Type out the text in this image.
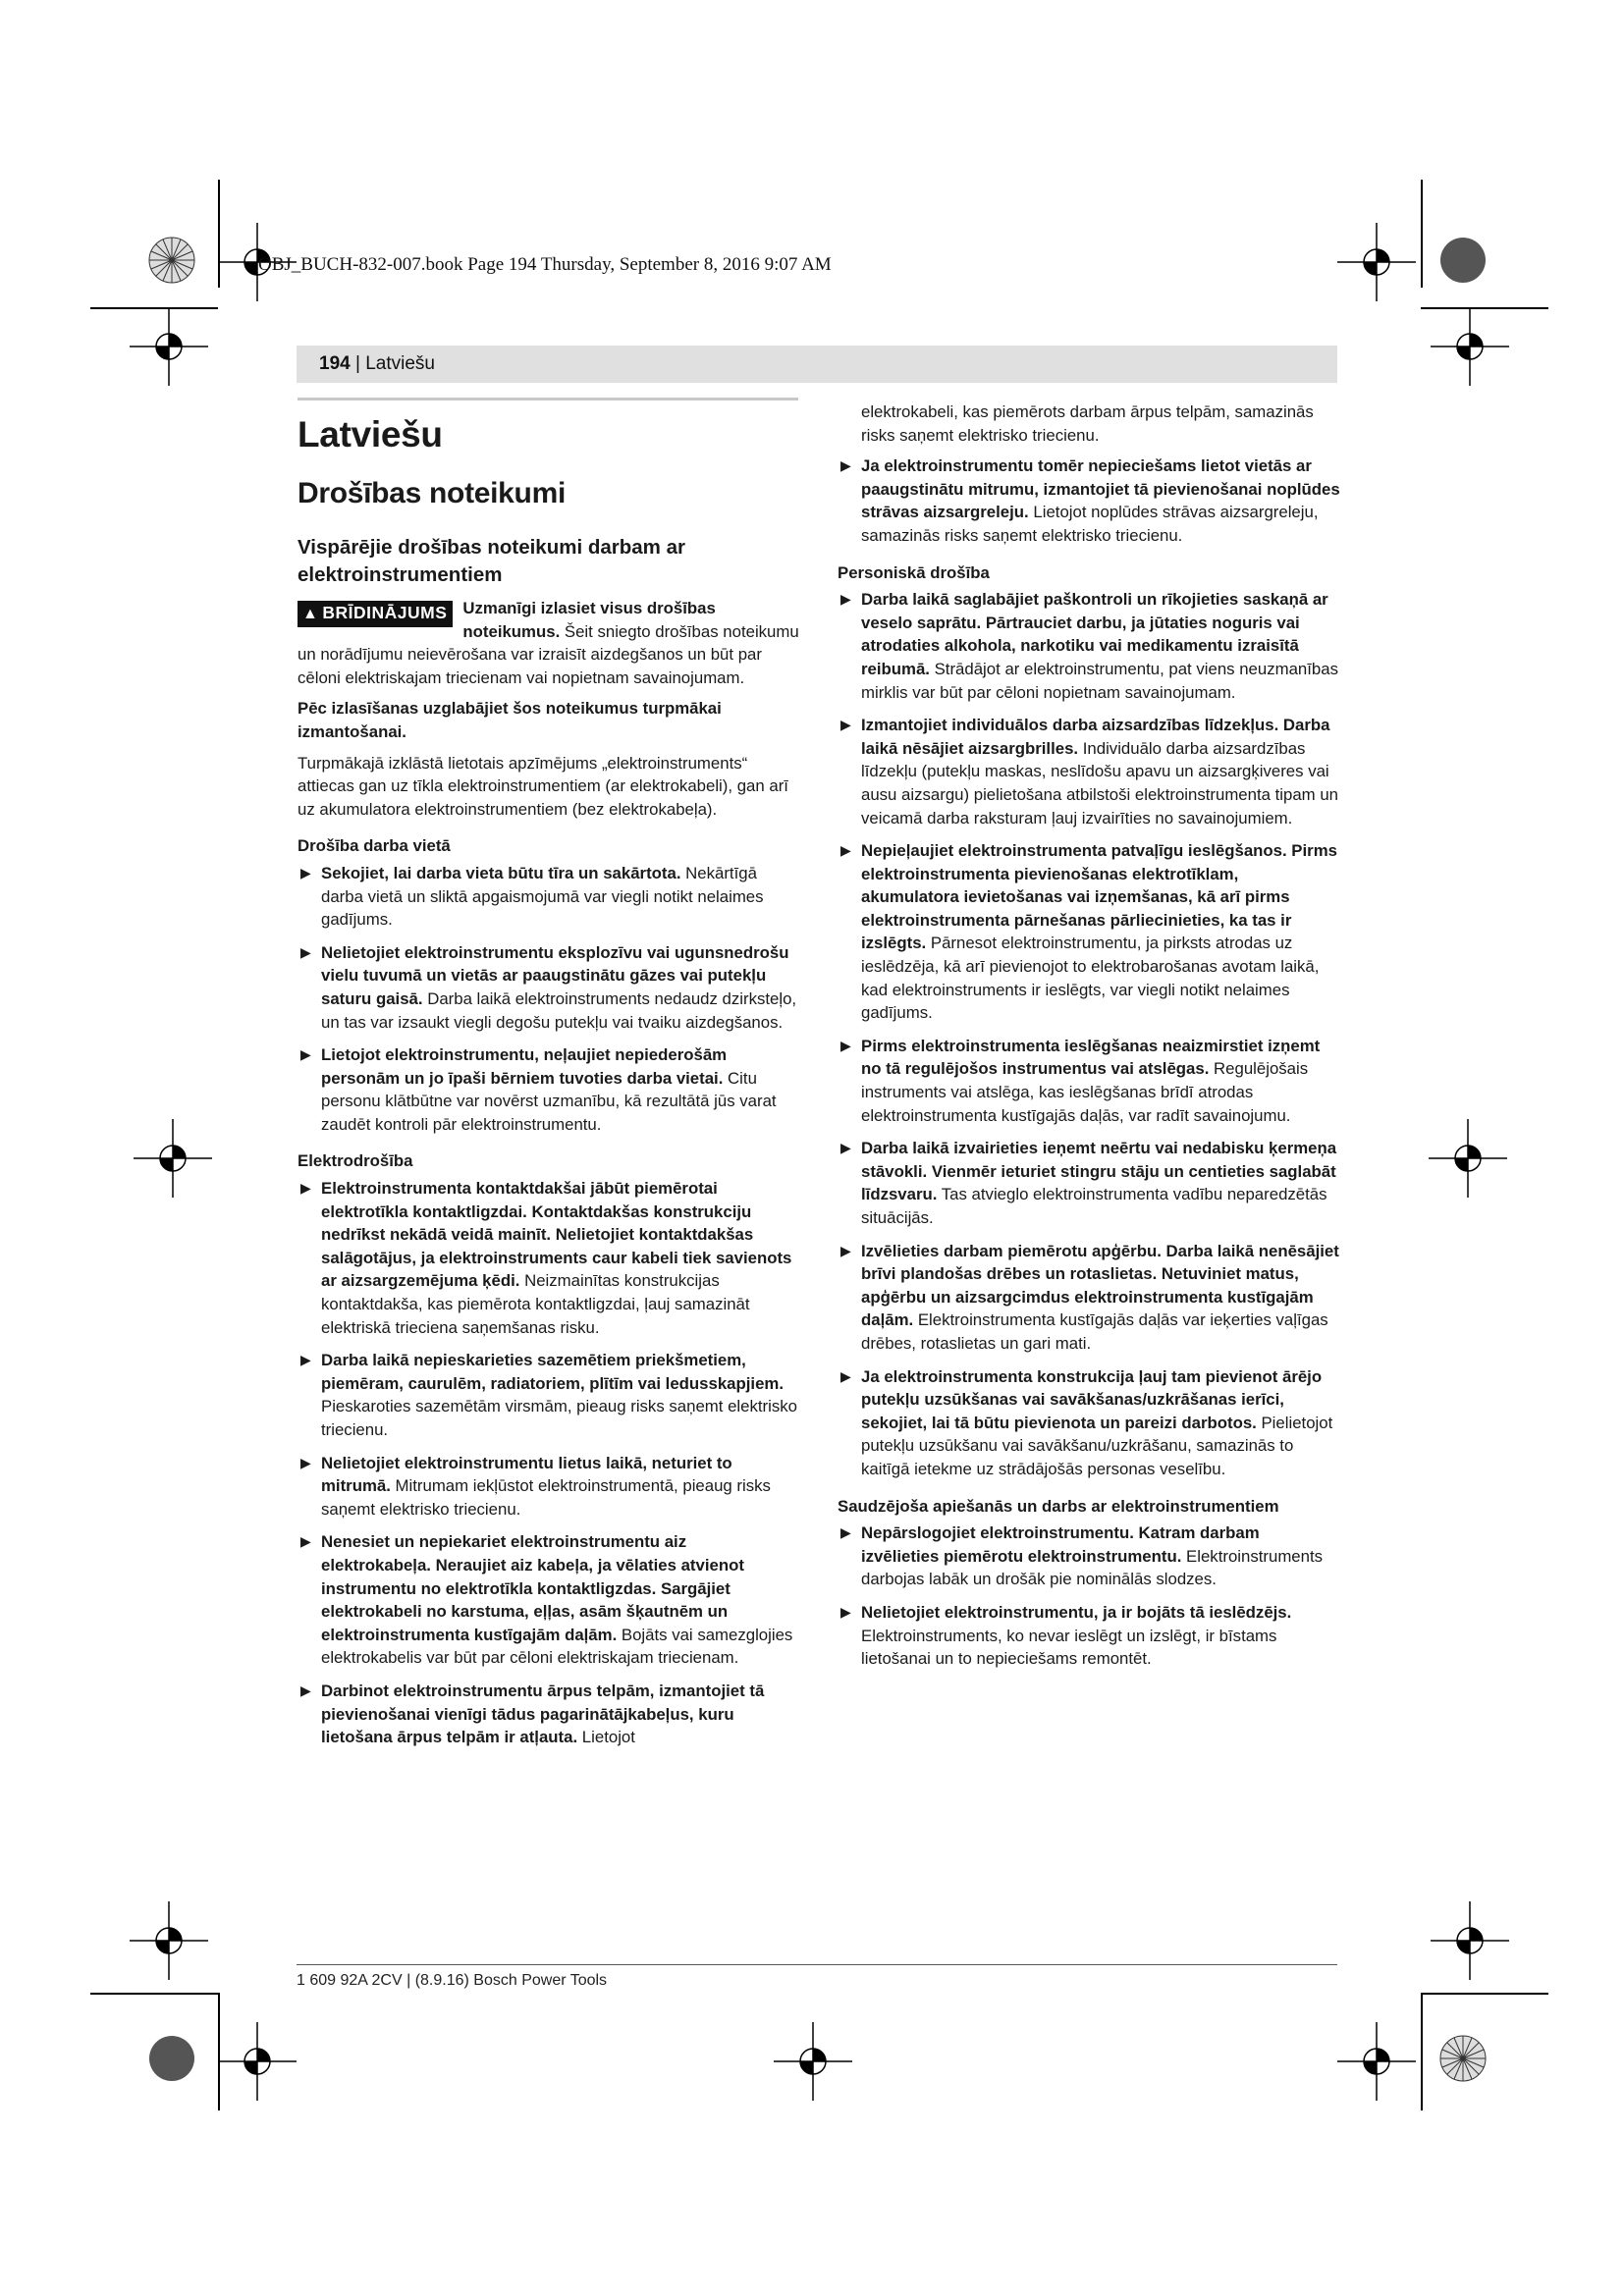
OBJ_BUCH-832-007.book Page 194 Thursday, September 8, 2016 9:07 AM
194 | Latviešu
Latviešu
Drošības noteikumi
Vispārējie drošības noteikumi darbam ar elektroinstrumentiem

▲ BRĪDINĀJUMS Uzmanīgi izlasiet visus drošības noteikumus. Šeit sniegto drošības noteikumu un norādījumu neievērošana var izraisīt aizdegšanos un būt par cēloni elektriskajam triecienam vai nopietnam savainojumam.

Pēc izlasīšanas uzglabājiet šos noteikumus turpmākai izmantošanai.

Turpmākajā izklāstā lietotais apzīmējums „elektroinstruments“ attiecas gan uz tīkla elektroinstrumentiem (ar elektrokabeli), gan arī uz akumulatora elektroinstrumentiem (bez elektrokabeļa).

Drošība darba vietā
▶ Sekojiet, lai darba vieta būtu tīra un sakārtota. Nekārtīgā darba vietā un sliktā apgaismojumā var viegli notikt nelaimes gadījums.
▶ Nelietojiet elektroinstrumentu eksplozīvu vai ugunsnedrošu vielu tuvumā un vietās ar paaugstinātu gāzes vai putekļu saturu gaisā. Darba laikā elektroinstruments nedaudz dzirksteļo, un tas var izsaukt viegli degošu putekļu vai tvaiku aizdegšanos.
▶ Lietojot elektroinstrumentu, neļaujiet nepiederošām personām un jo īpaši bērniem tuvoties darba vietai. Citu personu klātbūtne var novērst uzmanību, kā rezultātā jūs varat zaudēt kontroli pār elektroinstrumentu.
Elektrodrošība
▶ Elektroinstrumenta kontaktdakšai jābūt piemērotai elektrotīkla kontaktligzdai. Kontaktdakšas konstrukciju nedrīkst nekādā veidā mainīt. Nelietojiet kontaktdakšas salāgotājus, ja elektroinstruments caur kabeli tiek savienots ar aizsargzemējuma ķēdi. Neizmainītas konstrukcijas kontaktdakša, kas piemērota kontaktligzdai, ļauj samazināt elektriskā trieciena saņemšanas risku.
▶ Darba laikā nepieskarieties sazemētiem priekšmetiem, piemēram, caurulēm, radiatoriem, plītīm vai ledusskapjiem. Pieskaroties sazemētām virsmām, pieaug risks saņemt elektrisko triecienu.
▶ Nelietojiet elektroinstrumentu lietus laikā, neturiet to mitrumā. Mitrumam iekļūstot elektroinstrumentā, pieaug risks saņemt elektrisko triecienu.
▶ Nenesiet un nepiekariet elektroinstrumentu aiz elektrokabeļa. Neraujiet aiz kabeļa, ja vēlaties atvienot instrumentu no elektrotīkla kontaktligzdas. Sargājiet elektrokabeli no karstuma, eļļas, asām šķautnēm un elektroinstrumenta kustīgajām daļām. Bojāts vai samezglojies elektrokabelis var būt par cēloni elektriskajam triecienam.
▶ Darbinot elektroinstrumentu ārpus telpām, izmantojiet tā pievienošanai vienīgi tādus pagarinātājkabeļus, kuru lietošana ārpus telpām ir atļauta. Lietojot

elektrokabeli, kas piemērots darbam ārpus telpām, samazinās risks saņemt elektrisko triecienu.

▶ Ja elektroinstrumentu tomēr nepieciešams lietot vietās ar paaugstinātu mitrumu, izmantojiet tā pievienošanai noplūdes strāvas aizsargreleju. Lietojot noplūdes strāvas aizsargreleju, samazinās risks saņemt elektrisko triecienu.
Personiskā drošība
▶ Darba laikā saglabājiet paškontroli un rīkojieties saskaņā ar veselo saprātu. Pārtrauciet darbu, ja jūtaties noguris vai atrodaties alkohola, narkotiku vai medikamentu izraisītā reibumā. Strādājot ar elektroinstrumentu, pat viens neuzmanības mirklis var būt par cēloni nopietnam savainojumam.
▶ Izmantojiet individuālos darba aizsardzības līdzekļus. Darba laikā nēsājiet aizsargbrilles. Individuālo darba aizsardzības līdzekļu (putekļu maskas, neslīdošu apavu un aizsargķiveres vai ausu aizsargu) pielietošana atbilstoši elektroinstrumenta tipam un veicamā darba raksturam ļauj izvairīties no savainojumiem.
▶ Nepieļaujiet elektroinstrumenta patvaļīgu ieslēgšanos. Pirms elektroinstrumenta pievienošanas elektrotīklam, akumulatora ievietošanas vai izņemšanas, kā arī pirms elektroinstrumenta pārnešanas pārliecinieties, ka tas ir izslēgts. Pārnesot elektroinstrumentu, ja pirksts atrodas uz ieslēdzēja, kā arī pievienojot to elektrobarošanas avotam laikā, kad elektroinstruments ir ieslēgts, var viegli notikt nelaimes gadījums.
▶ Pirms elektroinstrumenta ieslēgšanas neaizmirstiet izņemt no tā regulējošos instrumentus vai atslēgas. Regulējošais instruments vai atslēga, kas ieslēgšanas brīdī atrodas elektroinstrumenta kustīgajās daļās, var radīt savainojumu.
▶ Darba laikā izvairieties ieņemt neērtu vai nedabisku ķermeņa stāvokli. Vienmēr ieturiet stingru stāju un centieties saglabāt līdzsvaru. Tas atvieglo elektroinstrumenta vadību neparedzētās situācijās.
▶ Izvēlieties darbam piemērotu apģērbu. Darba laikā nenēsājiet brīvi plandošas drēbes un rotaslietas. Netuviniet matus, apģērbu un aizsargcimdus elektroinstrumenta kustīgajām daļām. Elektroinstrumenta kustīgajās daļās var ieķerties vaļīgas drēbes, rotaslietas un gari mati.
▶ Ja elektroinstrumenta konstrukcija ļauj tam pievienot ārējo putekļu uzsūkšanas vai savākšanas/uzkrāšanas ierīci, sekojiet, lai tā būtu pievienota un pareizi darbotos. Pielietojot putekļu uzsūkšanu vai savākšanu/uzkrāšanu, samazinās to kaitīgā ietekme uz strādājošās personas veselību.
Saudzējoša apiešanās un darbs ar elektroinstrumentiem
▶ Nepārslogojiet elektroinstrumentu. Katram darbam izvēlieties piemērotu elektroinstrumentu. Elektroinstruments darbojas labāk un drošāk pie nominālās slodzes.
▶ Nelietojiet elektroinstrumentu, ja ir bojāts tā ieslēdzējs. Elektroinstruments, ko nevar ieslēgt un izslēgt, ir bīstams lietošanai un to nepieciešams remontēt.
1 609 92A 2CV | (8.9.16) Bosch Power Tools
